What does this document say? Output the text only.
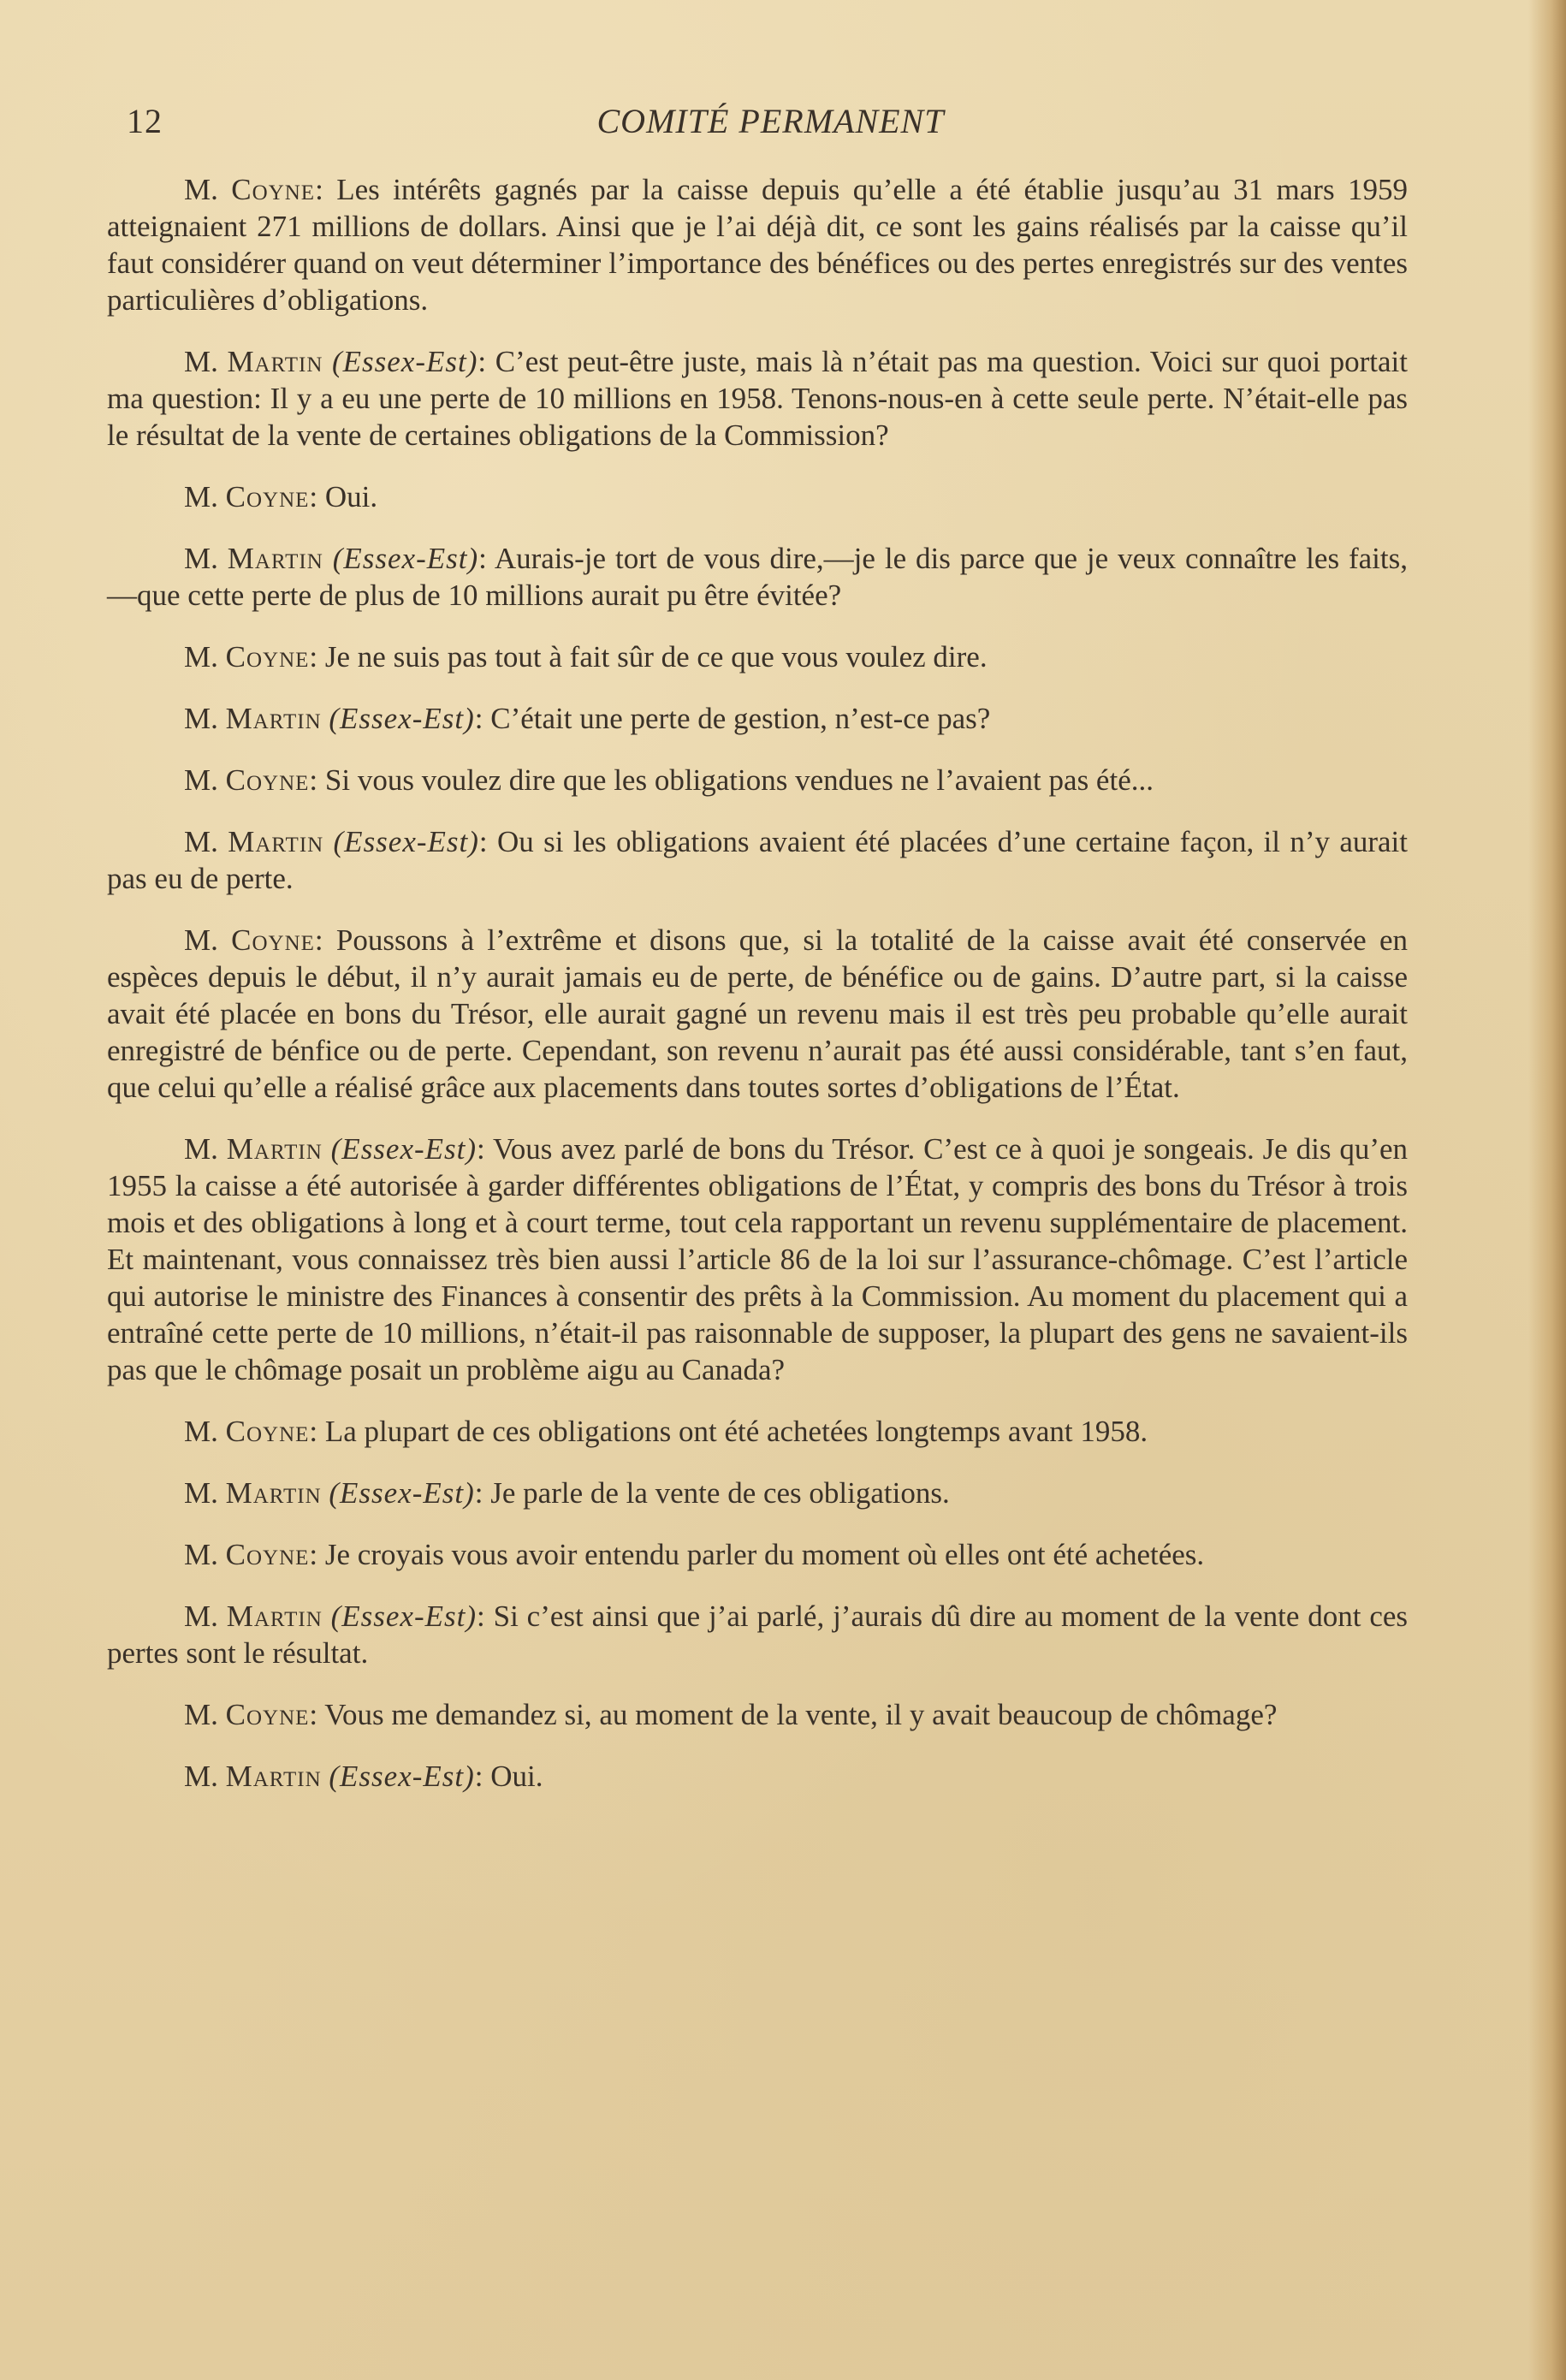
12	COMITÉ PERMANENT

M. Coyne: Les intérêts gagnés par la caisse depuis qu’elle a été établie jusqu’au 31 mars 1959 atteignaient 271 millions de dollars. Ainsi que je l’ai déjà dit, ce sont les gains réalisés par la caisse qu’il faut considérer quand on veut déterminer l’importance des bénéfices ou des pertes enregistrés sur des ventes particulières d’obligations.

M. Martin (Essex-Est): C’est peut-être juste, mais là n’était pas ma question. Voici sur quoi portait ma question: Il y a eu une perte de 10 millions en 1958. Tenons-nous-en à cette seule perte. N’était-elle pas le résultat de la vente de certaines obligations de la Commission?

M. Coyne: Oui.

M. Martin (Essex-Est): Aurais-je tort de vous dire,—je le dis parce que je veux connaître les faits,—que cette perte de plus de 10 millions aurait pu être évitée?

M. Coyne: Je ne suis pas tout à fait sûr de ce que vous voulez dire.

M. Martin (Essex-Est): C’était une perte de gestion, n’est-ce pas?

M. Coyne: Si vous voulez dire que les obligations vendues ne l’avaient pas été...

M. Martin (Essex-Est): Ou si les obligations avaient été placées d’une certaine façon, il n’y aurait pas eu de perte.

M. Coyne: Poussons à l’extrême et disons que, si la totalité de la caisse avait été conservée en espèces depuis le début, il n’y aurait jamais eu de perte, de bénéfice ou de gains. D’autre part, si la caisse avait été placée en bons du Trésor, elle aurait gagné un revenu mais il est très peu probable qu’elle aurait enregistré de bénfice ou de perte. Cependant, son revenu n’aurait pas été aussi considérable, tant s’en faut, que celui qu’elle a réalisé grâce aux placements dans toutes sortes d’obligations de l’État.

M. Martin (Essex-Est): Vous avez parlé de bons du Trésor. C’est ce à quoi je songeais. Je dis qu’en 1955 la caisse a été autorisée à garder différentes obligations de l’État, y compris des bons du Trésor à trois mois et des obligations à long et à court terme, tout cela rapportant un revenu supplémentaire de placement. Et maintenant, vous connaissez très bien aussi l’article 86 de la loi sur l’assurance-chômage. C’est l’article qui autorise le ministre des Finances à consentir des prêts à la Commission. Au moment du placement qui a entraîné cette perte de 10 millions, n’était-il pas raisonnable de supposer, la plupart des gens ne savaient-ils pas que le chômage posait un problème aigu au Canada?

M. Coyne: La plupart de ces obligations ont été achetées longtemps avant 1958.

M. Martin (Essex-Est): Je parle de la vente de ces obligations.

M. Coyne: Je croyais vous avoir entendu parler du moment où elles ont été achetées.

M. Martin (Essex-Est): Si c’est ainsi que j’ai parlé, j’aurais dû dire au moment de la vente dont ces pertes sont le résultat.

M. Coyne: Vous me demandez si, au moment de la vente, il y avait beaucoup de chômage?

M. Martin (Essex-Est): Oui.
